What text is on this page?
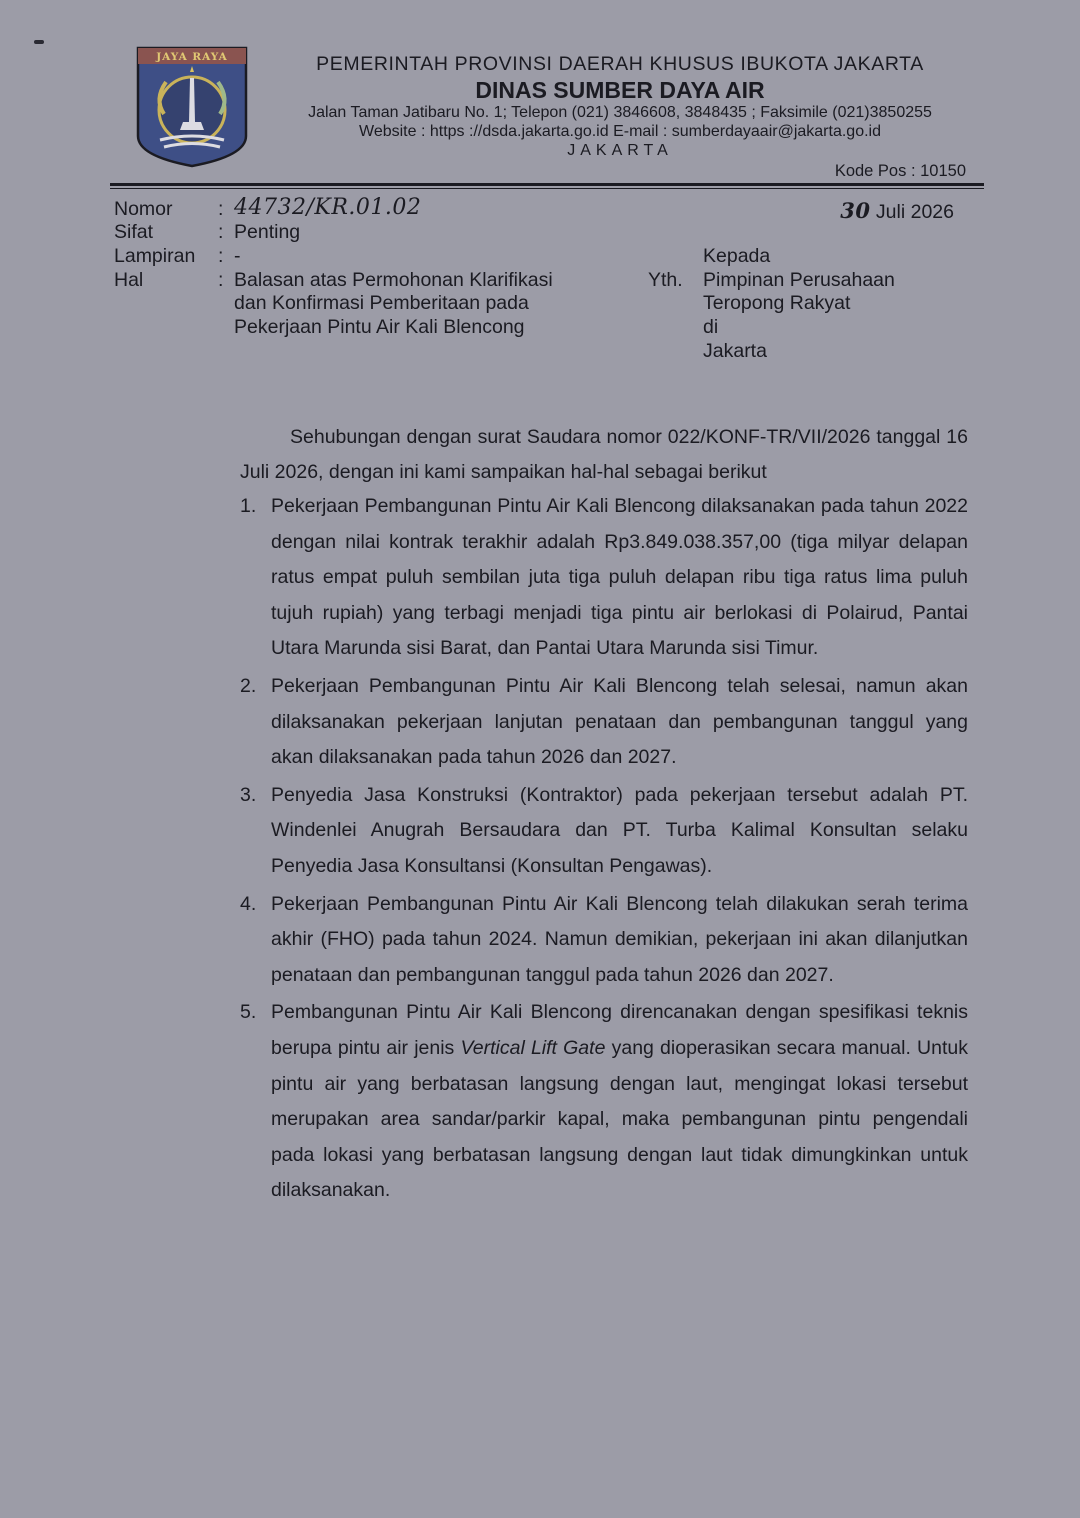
JAYA RAYA	PEMERINTAH PROVINSI DAERAH KHUSUS IBUKOTA JAKARTA
DINAS SUMBER DAYA AIR
Jalan Taman Jatibaru No. 1; Telepon (021) 3846608, 3848435 ; Faksimile (021)3850255
Website : https ://dsda.jakarta.go.id E-mail : sumberdayaair@jakarta.go.id
JAKARTA
Kode Pos : 10150
Nomor : 44732/KR.01.02
Sifat	: Penting
Lampiran : -
Hal	: Balasan atas Permohonan Klarifikasi
dan Konfirmasi Pemberitaan pada
Pekerjaan Pintu Air Kali Blencong
30 Juli 2026
Kepada
Yth. Pimpinan Perusahaan
Teropong Rakyat
di
Jakarta
Sehubungan dengan surat Saudara nomor 022/KONF-TR/VII/2026 tanggal 16 Juli 2026, dengan ini kami sampaikan hal-hal sebagai berikut
1. Pekerjaan Pembangunan Pintu Air Kali Blencong dilaksanakan pada tahun 2022 dengan nilai kontrak terakhir adalah Rp3.849.038.357,00 (tiga milyar delapan ratus empat puluh sembilan juta tiga puluh delapan ribu tiga ratus lima puluh tujuh rupiah) yang terbagi menjadi tiga pintu air berlokasi di Polairud, Pantai Utara Marunda sisi Barat, dan Pantai Utara Marunda sisi Timur.
2. Pekerjaan Pembangunan Pintu Air Kali Blencong telah selesai, namun akan dilaksanakan pekerjaan lanjutan penataan dan pembangunan tanggul yang akan dilaksanakan pada tahun 2026 dan 2027.
3. Penyedia Jasa Konstruksi (Kontraktor) pada pekerjaan tersebut adalah PT. Windenlei Anugrah Bersaudara dan PT. Turba Kalimal Konsultan selaku Penyedia Jasa Konsultansi (Konsultan Pengawas).
4. Pekerjaan Pembangunan Pintu Air Kali Blencong telah dilakukan serah terima akhir (FHO) pada tahun 2024. Namun demikian, pekerjaan ini akan dilanjutkan penataan dan pembangunan tanggul pada tahun 2026 dan 2027.
5. Pembangunan Pintu Air Kali Blencong direncanakan dengan spesifikasi teknis berupa pintu air jenis Vertical Lift Gate yang dioperasikan secara manual. Untuk pintu air yang berbatasan langsung dengan laut, mengingat lokasi tersebut merupakan area sandar/parkir kapal, maka pembangunan pintu pengendali pada lokasi yang berbatasan langsung dengan laut tidak dimungkinkan untuk dilaksanakan.
